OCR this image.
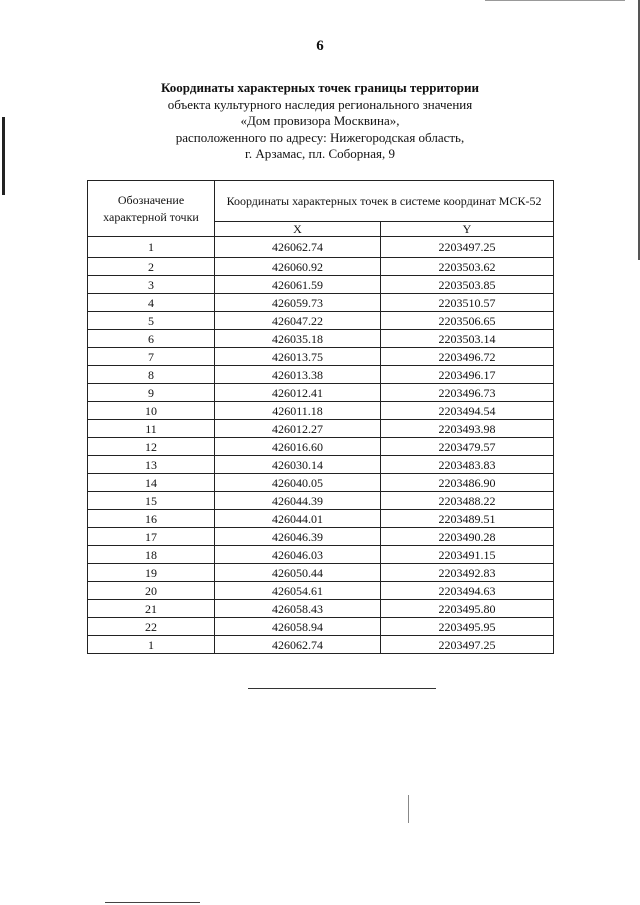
6
Координаты характерных точек границы территории
объекта культурного наследия регионального значения
«Дом провизора Москвина»,
расположенного по адресу: Нижегородская область,
г. Арзамас, пл. Соборная, 9
Обозначение характерной точки	Координаты характерных точек в системе координат МСК-52	
	X	Y
1	426062.74	2203497.25
2	426060.92	2203503.62
3	426061.59	2203503.85
4	426059.73	2203510.57
5	426047.22	2203506.65
6	426035.18	2203503.14
7	426013.75	2203496.72
8	426013.38	2203496.17
9	426012.41	2203496.73
10	426011.18	2203494.54
11	426012.27	2203493.98
12	426016.60	2203479.57
13	426030.14	2203483.83
14	426040.05	2203486.90
15	426044.39	2203488.22
16	426044.01	2203489.51
17	426046.39	2203490.28
18	426046.03	2203491.15
19	426050.44	2203492.83
20	426054.61	2203494.63
21	426058.43	2203495.80
22	426058.94	2203495.95
1	426062.74	2203497.25
